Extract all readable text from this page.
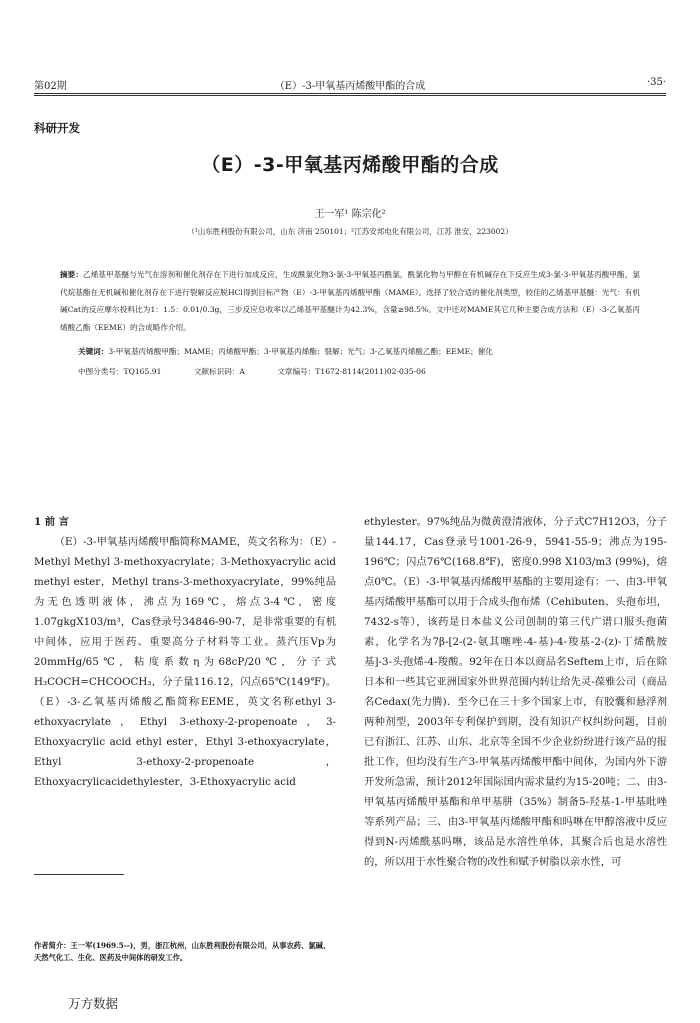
第02期	（E）-3-甲氧基丙烯酸甲酯的合成	·35·
科研开发
（E）-3-甲氧基丙烯酸甲酯的合成
王一军¹ 陈宗化²
（¹山东胜利股份有限公司，山东 济南 250101；²江苏安邦电化有限公司，江苏 淮安，223002）
摘要：乙烯基甲基醚与光气在溶剂和催化剂存在下进行加成反应，生成酰氯化物3-氯-3-甲氧基丙酰氯，酰氯化物与甲醇在有机碱存在下反应生成3-氯-3-甲氧基丙酸甲酯，氯代烷基酯在无机碱和催化剂存在下进行裂解反应脱HCl得到目标产物（E）-3-甲氧基丙烯酸甲酯（MAME）。选择了较合适的催化剂类型，较佳的乙烯基甲基醚：光气：有机碱Cat的反应摩尔投料比为1：1.5：0.01/0.3g，三步反应总收率以乙烯基甲基醚计为42.3%，含量≥98.5%。文中还对MAME其它几种主要合成方法和（E）-3-乙氧基丙烯酸乙酯（EEME）的合成略作介绍。
关键词：3-甲氧基丙烯酸甲酯；MAME；丙烯酸甲酯；3-甲氧基丙烯酯；裂解；光气；3-乙氧基丙烯酸乙酯；EEME；催化
中图分类号：TQ165.91	文献标识码：A	文章编号：T1672-8114(2011)02-035-06

1 前 言

（E）-3-甲氧基丙烯酸甲酯简称MAME，英文名称为：（E）-Methyl Methyl 3-methoxyacrylate；3-Methoxyacrylic acid methyl ester，Methyl trans-3-methoxyacrylate，99%纯品为无色透明液体，沸点为169℃，熔点3-4℃，密度1.07gkgX103/m³，Cas登录号34846-90-7，是非常重要的有机中间体，应用于医药、重要高分子材料等工业。蒸汽压Vp为20mmHg/65℃，粘度系数η为68cP/20℃，分子式H₃COCH=CHCOOCH₃，分子量116.12，闪点65℃(149℉)。（E）-3-乙氧基丙烯酸乙酯简称EEME，英文名称ethyl 3-ethoxyacrylate，Ethyl 3-ethoxy-2-propenoate，3-Ethoxyacrylic acid ethyl ester，Ethyl 3-ethoxyacrylate，Ethyl 3-ethoxy-2-propenoate，Ethoxyacrylicacidethylester，3-Ethoxyacrylic acid

ethylester。97%纯品为微黄澄清液体，分子式C7H12O3，分子量144.17，Cas登录号1001-26-9，5941-55-9；沸点为195-196℃；闪点76℃(168.8℉)，密度0.998 X103/m3 (99%)，熔点0℃。（E）-3-甲氧基丙烯酸甲基酯的主要用途有：一、由3-甲氧基丙烯酸甲基酯可以用于合成头孢布烯（Cehibuten、头孢布坦，7432-s等），该药是日本盐义公司创制的第三代广谱口服头孢菌素，化学名为7β-[2-(2-氨其噻唑-4-基)-4-羧基-2-(z)-丁烯酰胺基]-3-头孢烯-4-羧酸。92年在日本以商品名Seftem上市，后在除日本和一些其它亚洲国家外世界范围内转让给先灵-葆雅公司（商品名Cedax(先力腾)．至今已在三十多个国家上市，有胶囊和悬浮剂两种剂型，2003年专利保护到期，没有知识产权纠纷问题，目前已有浙江、江苏、山东、北京等全国不少企业纷纷进行该产品的报批工作，但均没有生产3-甲氧基丙烯酸甲酯中间体，为国内外下游开发所急需，预计2012年国际国内需求量约为15-20吨；二、由3-甲氧基丙烯酸甲基酯和单甲基肼（35%）制备5-羟基-1-甲基吡唑等系列产品；三、由3-甲氧基丙烯酸甲酯和吗啉在甲醇溶液中反应得到N-丙烯酰基吗啉，该品是水溶性单体，其聚合后也是水溶性的，所以用于水性聚合物的改性和赋予树脂以亲水性，可

作者简介：王一军(1969.5--)，男，浙江杭州，山东胜利股份有限公司，从事农药、氯碱、天然气化工、生化、医药及中间体的研发工作。
万方数据
